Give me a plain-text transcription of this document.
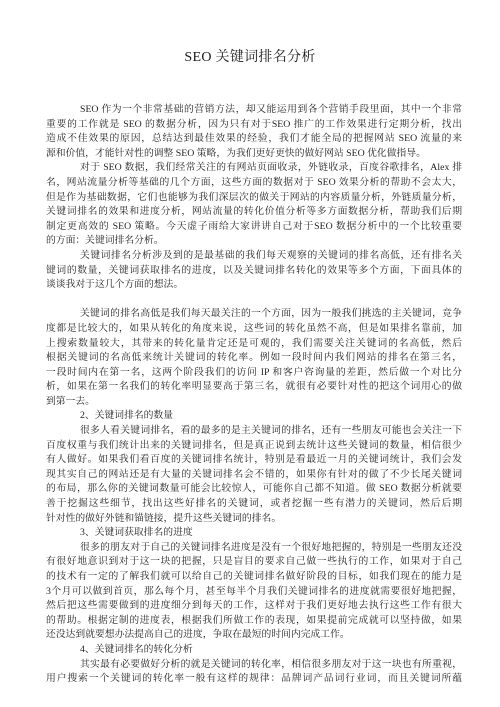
SEO 关键词排名分析
SEO 作为一个非常基础的营销方法，却又能运用到各个营销手段里面，其中一个非常
重要的工作就是 SEO 的数据分析，因为只有对于SEO 推广的工作效果进行定期分析，找出
造成不佳效果的原因，总结达到最佳效果的经验，我们才能全局的把握网站 SEO 流量的来
源和价值，才能针对性的调整 SEO 策略，为我们更好更快的做好网站 SEO 优化做指导。
对于 SEO 数据，我们经常关注的有网站页面收录，外链收录，百度谷歌排名，Alex 排
名，网站流量分析等基础的几个方面，这些方面的数据对于 SEO 效果分析的帮助不会太大，
但是作为基础数据，它们也能够为我们深层次的做关于网站的内容质量分析，外链质量分析，
关键词排名的效果和进度分析，网站流量的转化价值分析等多方面数据分析，帮助我们后期
制定更高效的 SEO 策略。今天虚子雨给大家讲讲自己对于SEO 数据分析中的一个比较重要
的方面：关键词排名分析。
关键词排名分析涉及到的是最基础的我们每天观察的关键词的排名高低，还有排名关
键词的数量，关键词获取排名的进度，以及关键词排名转化的效果等多个方面，下面具体的
谈谈我对于这几个方面的想法。
关键词的排名高低是我们每天最关注的一个方面，因为一般我们挑选的主关键词，竞争
度都是比较大的，如果从转化的角度来说，这些词的转化虽然不高，但是如果排名靠前，加
上搜索数量较大，其带来的转化量肯定还是可观的，我们需要关注关键词的名高低，然后
根据关键词的名高低来统计关键词的转化率。例如一段时间内我们网站的排名在第三名，
一段时间内在第一名，这两个阶段我们的访问 IP 和客户咨询量的差距，然后做一个对比分
析，如果在第一名我们的转化率明显要高于第三名，就很有必要针对性的把这个词用心的做
到第一去。
2、关键词排名的数量
很多人看关键词排名，看的最多的是主关键词的排名，还有一些朋友可能也会关注一下
百度权重与我们统计出来的关键词排名，但是真正说到去统计这些关键词的数量，相信很少
有人做好。如果我们看百度的关键词排名统计，特别是看最近一月的关键词统计，我们会发
现其实自己的网站还是有大量的关键词排名会不错的，如果你有针对的做了不少长尾关键词
的布局，那么你的关键词数量可能会比较惊人，可能你自己都不知道。做 SEO 数据分析就要
善于挖掘这些细节，找出这些好排名的关键词，或者挖掘一些有潜力的关键词，然后后期
针对性的做好外链和锚链接，提升这些关键词的排名。
3、关键词获取排名的进度
很多的朋友对于自己的关键词排名进度是没有一个很好地把握的，特别是一些朋友还没
有很好地意识到对于这一块的把握，只是盲目的要求自己做一些执行的工作，如果对于自己
的技术有一定的了解我们就可以给自己的关键词排名做好阶段的目标，如我们现在的能力是
3个月可以做到首页，那么每个月，甚至每半个月我们关键词排名的进度就需要很好地把握，
然后把这些需要做到的进度细分到每天的工作，这样对于我们更好地去执行这些工作有很大
的帮助。根据定制的进度表，根据我们所做工作的表现，如果提前完成就可以坚持做，如果
还没达到就要想办法提高自己的进度，争取在最短的时间内完成工作。
4、关键词排名的转化分析
其实最有必要做好分析的就是关键词的转化率，相信很多朋友对于这一块也有所重视，
用户搜索一个关键词的转化率一般有这样的规律：品牌词产品词行业词，而且关键词所蕴
